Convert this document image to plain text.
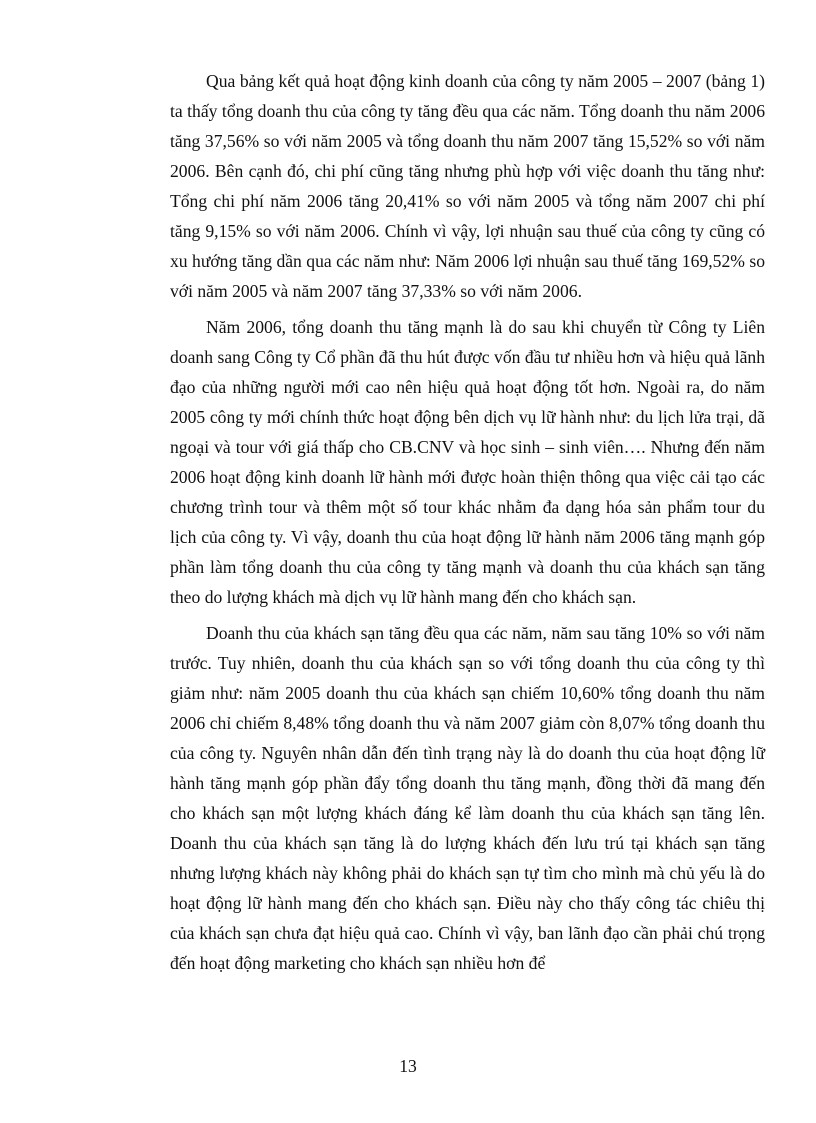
Qua bảng kết quả hoạt động kinh doanh của công ty năm 2005 – 2007 (bảng 1) ta thấy tổng doanh thu của công ty tăng đều qua các năm. Tổng doanh thu năm 2006 tăng 37,56% so với năm 2005 và tổng doanh thu năm 2007 tăng 15,52% so với năm 2006. Bên cạnh đó, chi phí cũng tăng nhưng phù hợp với việc doanh thu tăng như: Tổng chi phí năm 2006 tăng 20,41% so với năm 2005 và tổng năm 2007 chi phí tăng 9,15% so với năm 2006. Chính vì vậy, lợi nhuận sau thuế của công ty cũng có xu hướng tăng dần qua các năm như: Năm 2006 lợi nhuận sau thuế tăng 169,52% so với năm 2005 và năm 2007 tăng 37,33% so với năm 2006.

Năm 2006, tổng doanh thu tăng mạnh là do sau khi chuyển từ Công ty Liên doanh sang Công ty Cổ phần đã thu hút được vốn đầu tư nhiều hơn và hiệu quả lãnh đạo của những người mới cao nên hiệu quả hoạt động tốt hơn. Ngoài ra, do năm 2005 công ty mới chính thức hoạt động bên dịch vụ lữ hành như: du lịch lửa trại, dã ngoại và tour với giá thấp cho CB.CNV và học sinh – sinh viên…. Nhưng đến năm 2006 hoạt động kinh doanh lữ hành mới được hoàn thiện thông qua việc cải tạo các chương trình tour và thêm một số tour khác nhằm đa dạng hóa sản phẩm tour du lịch của công ty. Vì vậy, doanh thu của hoạt động lữ hành năm 2006 tăng mạnh góp phần làm tổng doanh thu của công ty tăng mạnh và doanh thu của khách sạn tăng theo do lượng khách mà dịch vụ lữ hành mang đến cho khách sạn.

Doanh thu của khách sạn tăng đều qua các năm, năm sau tăng 10% so với năm trước. Tuy nhiên, doanh thu của khách sạn so với tổng doanh thu của công ty thì giảm như: năm 2005 doanh thu của khách sạn chiếm 10,60% tổng doanh thu năm 2006 chỉ chiếm 8,48% tổng doanh thu và năm 2007 giảm còn 8,07% tổng doanh thu của công ty. Nguyên nhân dẫn đến tình trạng này là do doanh thu của hoạt động lữ hành tăng mạnh góp phần đẩy tổng doanh thu tăng mạnh, đồng thời đã mang đến cho khách sạn một lượng khách đáng kể làm doanh thu của khách sạn tăng lên. Doanh thu của khách sạn tăng là do lượng khách đến lưu trú tại khách sạn tăng nhưng lượng khách này không phải do khách sạn tự tìm cho mình mà chủ yếu là do hoạt động lữ hành mang đến cho khách sạn. Điều này cho thấy công tác chiêu thị của khách sạn chưa đạt hiệu quả cao. Chính vì vậy, ban lãnh đạo cần phải chú trọng đến hoạt động marketing cho khách sạn nhiều hơn để

13
